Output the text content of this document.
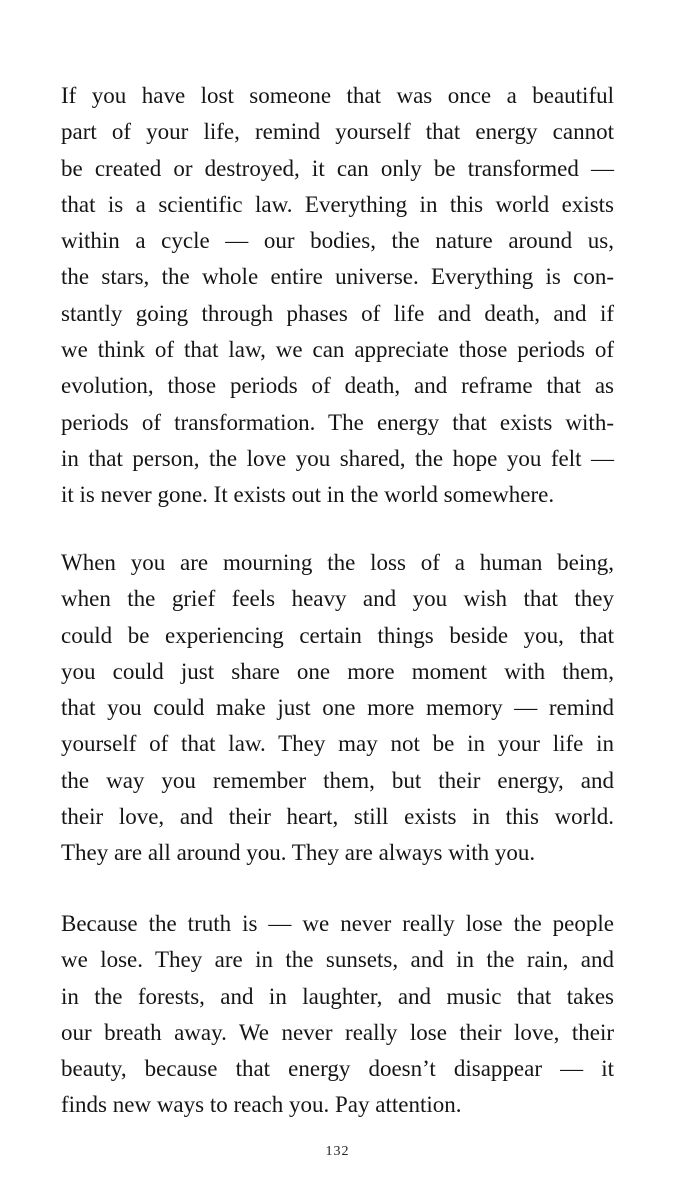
If you have lost someone that was once a beautiful
part of your life, remind yourself that energy cannot
be created or destroyed, it can only be transformed —
that is a scientific law. Everything in this world exists
within a cycle — our bodies, the nature around us,
the stars, the whole entire universe. Everything is con-
stantly going through phases of life and death, and if
we think of that law, we can appreciate those periods of
evolution, those periods of death, and reframe that as
periods of transformation. The energy that exists with-
in that person, the love you shared, the hope you felt —
it is never gone. It exists out in the world somewhere.

When you are mourning the loss of a human being,
when the grief feels heavy and you wish that they
could be experiencing certain things beside you, that
you could just share one more moment with them,
that you could make just one more memory — remind
yourself of that law. They may not be in your life in
the way you remember them, but their energy, and
their love, and their heart, still exists in this world.
They are all around you. They are always with you.

Because the truth is — we never really lose the people
we lose. They are in the sunsets, and in the rain, and
in the forests, and in laughter, and music that takes
our breath away. We never really lose their love, their
beauty, because that energy doesn’t disappear — it
finds new ways to reach you. Pay attention.

132
